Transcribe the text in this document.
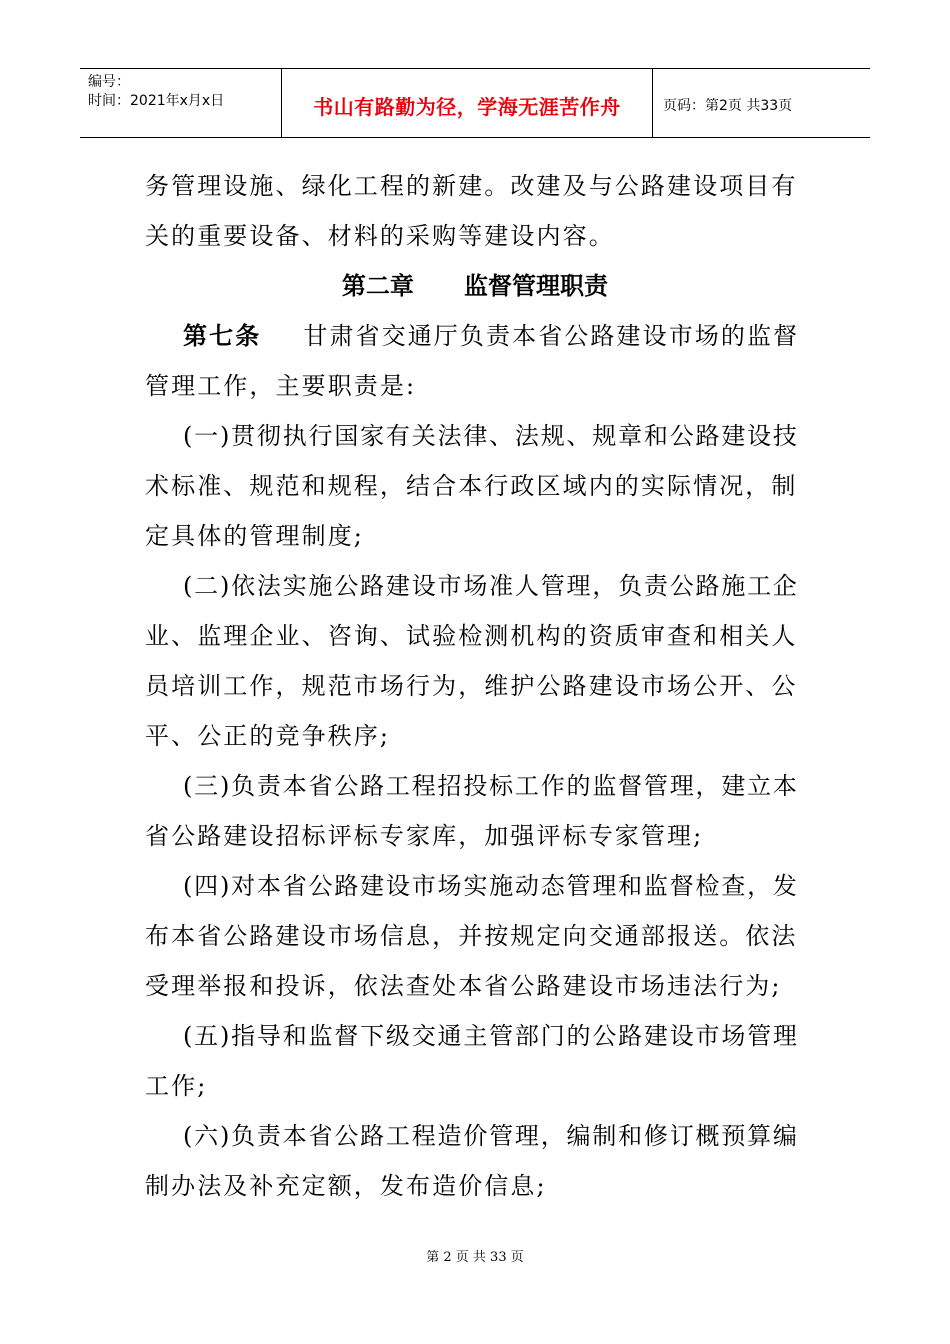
编号：
时间：2021年x月x日	书山有路勤为径，学海无涯苦作舟	页码：第2页 共33页
务管理设施、绿化工程的新建。改建及与公路建设项目有
关的重要设备、材料的采购等建设内容。
第二章      监督管理职责
第七条 甘肃省交通厅负责本省公路建设市场的监督
管理工作，主要职责是:
(一)贯彻执行国家有关法律、法规、规章和公路建设技
术标准、规范和规程，结合本行政区域内的实际情况，制
定具体的管理制度;
(二)依法实施公路建设市场准人管理，负责公路施工企
业、监理企业、咨询、试验检测机构的资质审查和相关人
员培训工作，规范市场行为，维护公路建设市场公开、公
平、公正的竞争秩序;
(三)负责本省公路工程招投标工作的监督管理，建立本
省公路建设招标评标专家库，加强评标专家管理;
(四)对本省公路建设市场实施动态管理和监督检查，发
布本省公路建设市场信息，并按规定向交通部报送。依法
受理举报和投诉，依法查处本省公路建设市场违法行为;
(五)指导和监督下级交通主管部门的公路建设市场管理
工作;
(六)负责本省公路工程造价管理，编制和修订概预算编
制办法及补充定额，发布造价信息;
第 2 页 共 33 页
